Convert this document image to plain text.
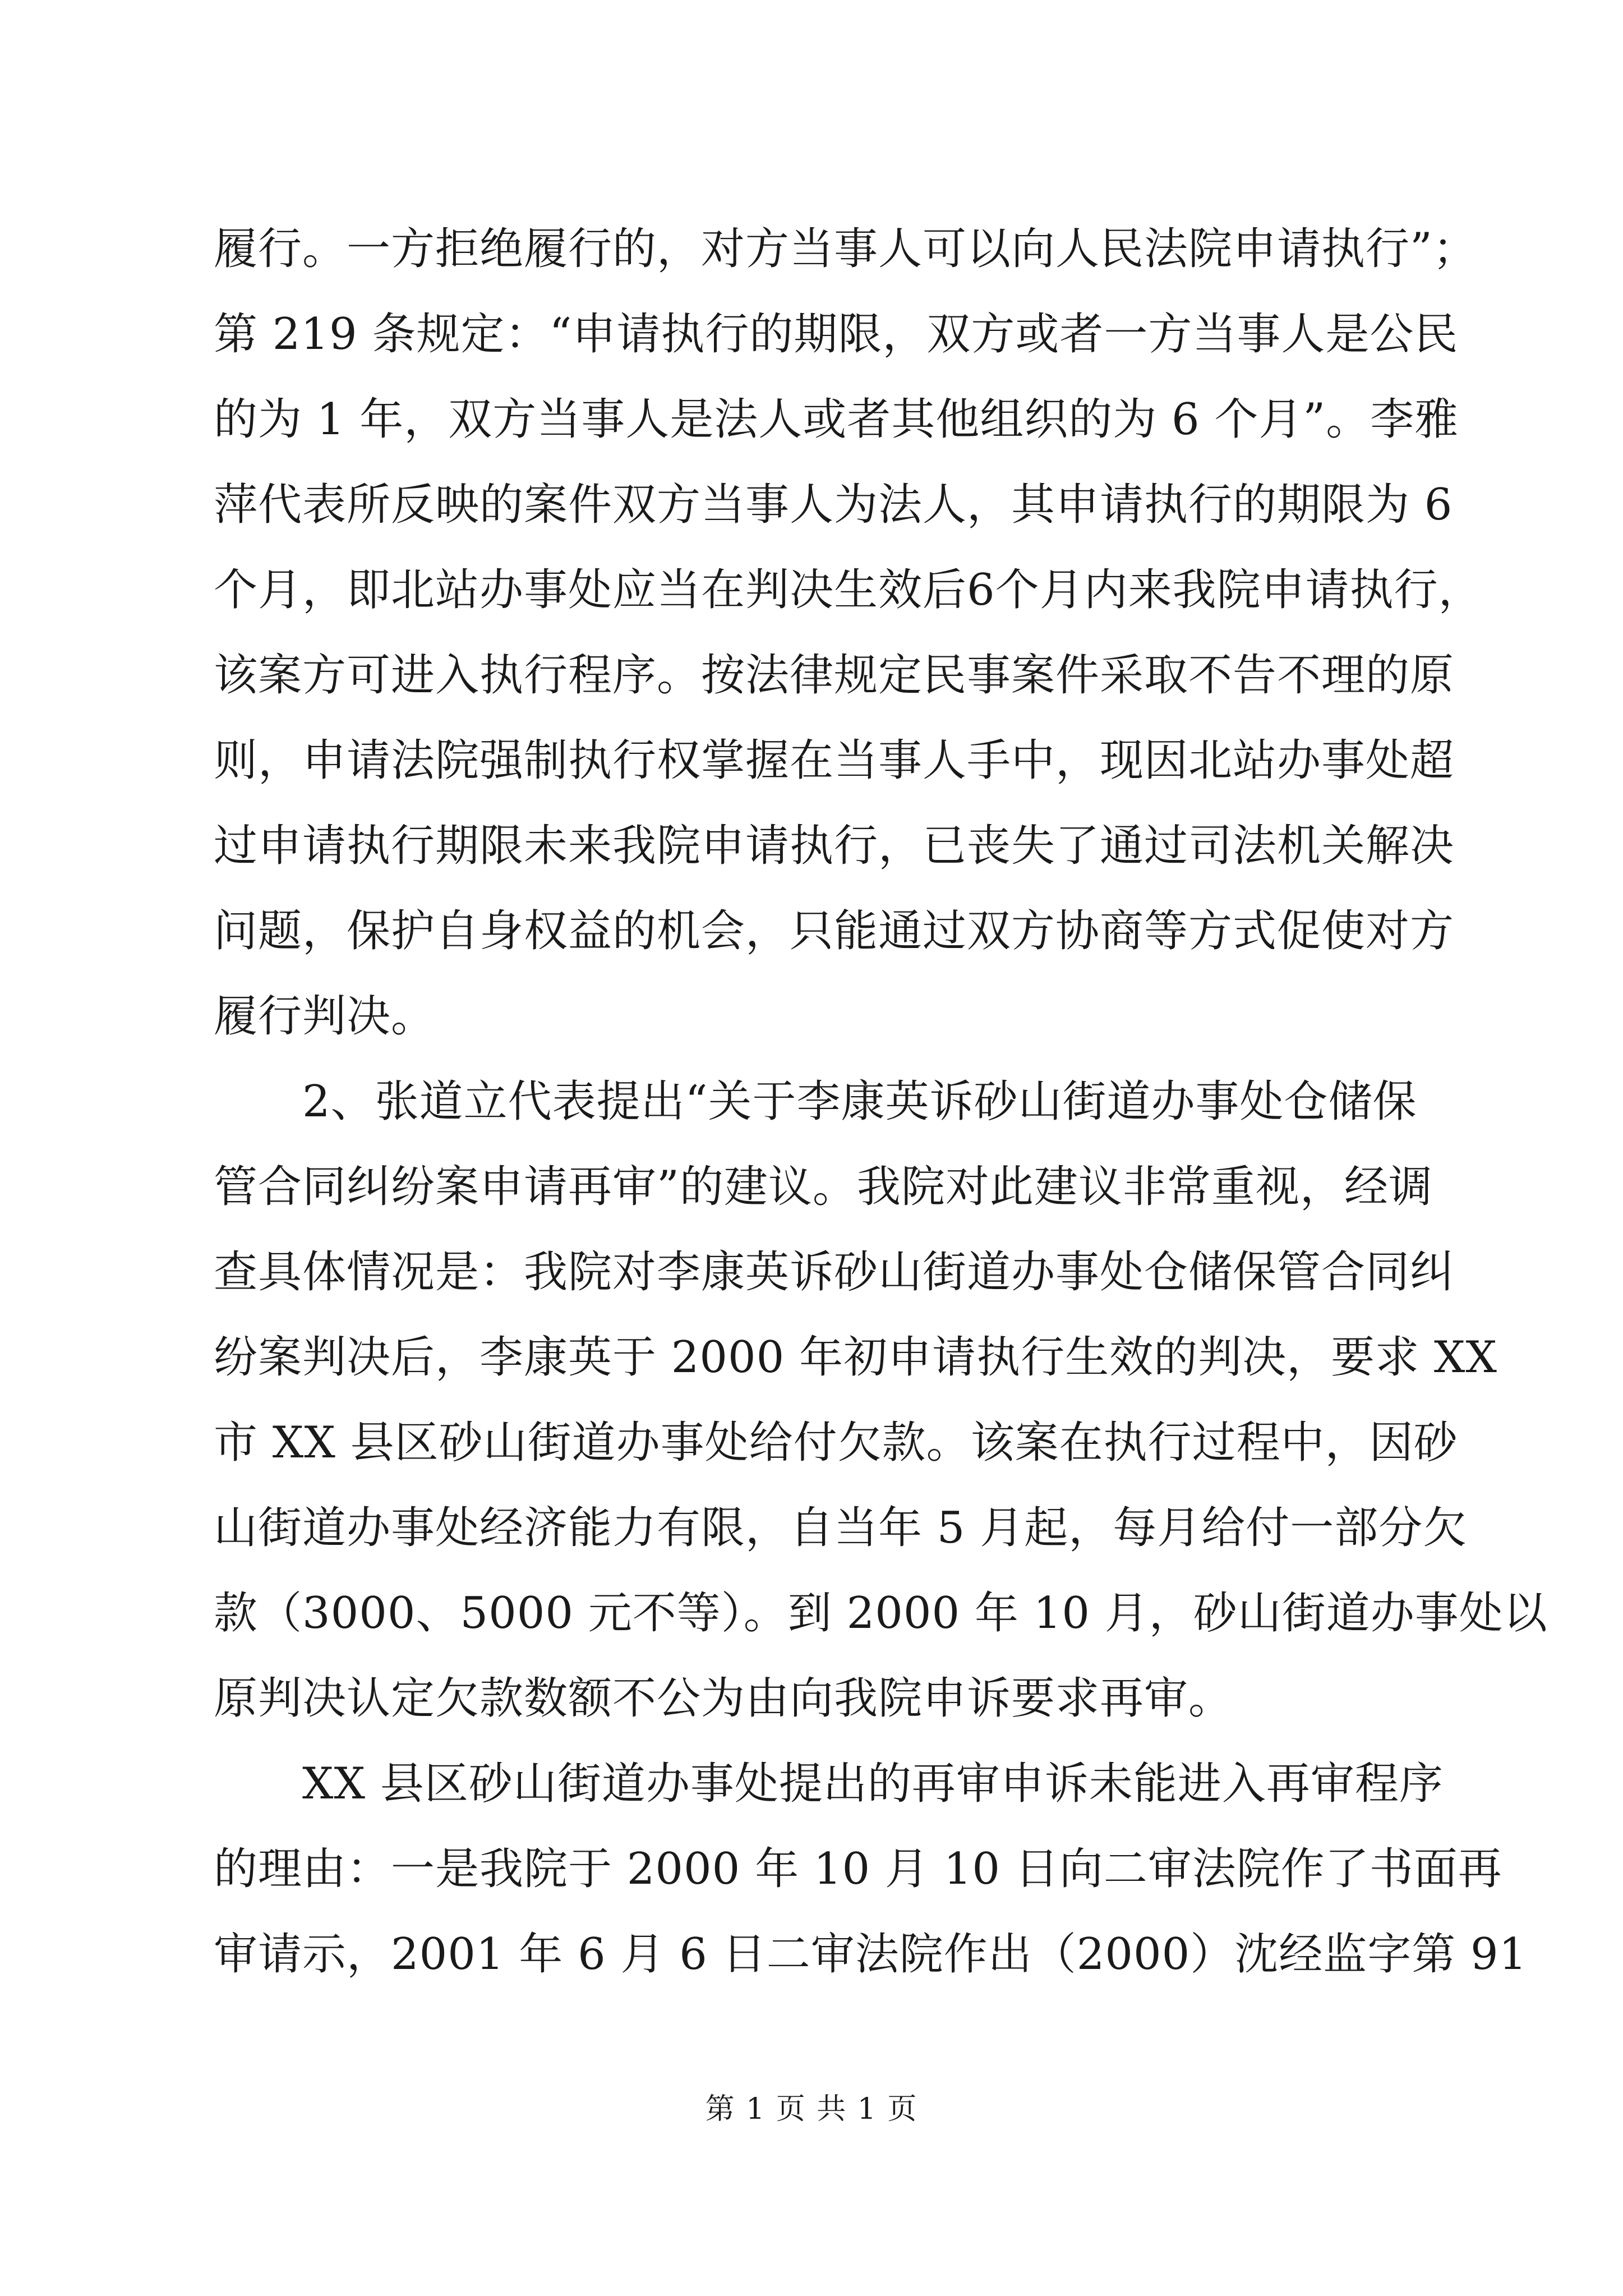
履行。一方拒绝履行的，对方当事人可以向人民法院申请执行”；
第 219 条规定：“申请执行的期限，双方或者一方当事人是公民
的为 1 年，双方当事人是法人或者其他组织的为 6 个月”。李雅
萍代表所反映的案件双方当事人为法人，其申请执行的期限为 6
个月，即北站办事处应当在判决生效后6个月内来我院申请执行，
该案方可进入执行程序。按法律规定民事案件采取不告不理的原
则，申请法院强制执行权掌握在当事人手中，现因北站办事处超
过申请执行期限未来我院申请执行，已丧失了通过司法机关解决
问题，保护自身权益的机会，只能通过双方协商等方式促使对方
履行判决。
2、张道立代表提出“关于李康英诉砂山街道办事处仓储保
管合同纠纷案申请再审”的建议。我院对此建议非常重视，经调
查具体情况是：我院对李康英诉砂山街道办事处仓储保管合同纠
纷案判决后，李康英于 2000 年初申请执行生效的判决，要求 XX
市 XX 县区砂山街道办事处给付欠款。该案在执行过程中，因砂
山街道办事处经济能力有限，自当年 5 月起，每月给付一部分欠
款（3000、5000 元不等）。到 2000 年 10 月，砂山街道办事处以
原判决认定欠款数额不公为由向我院申诉要求再审。
XX 县区砂山街道办事处提出的再审申诉未能进入再审程序
的理由：一是我院于 2000 年 10 月 10 日向二审法院作了书面再
审请示，2001 年 6 月 6 日二审法院作出（2000）沈经监字第 91
第 1 页 共 1 页
